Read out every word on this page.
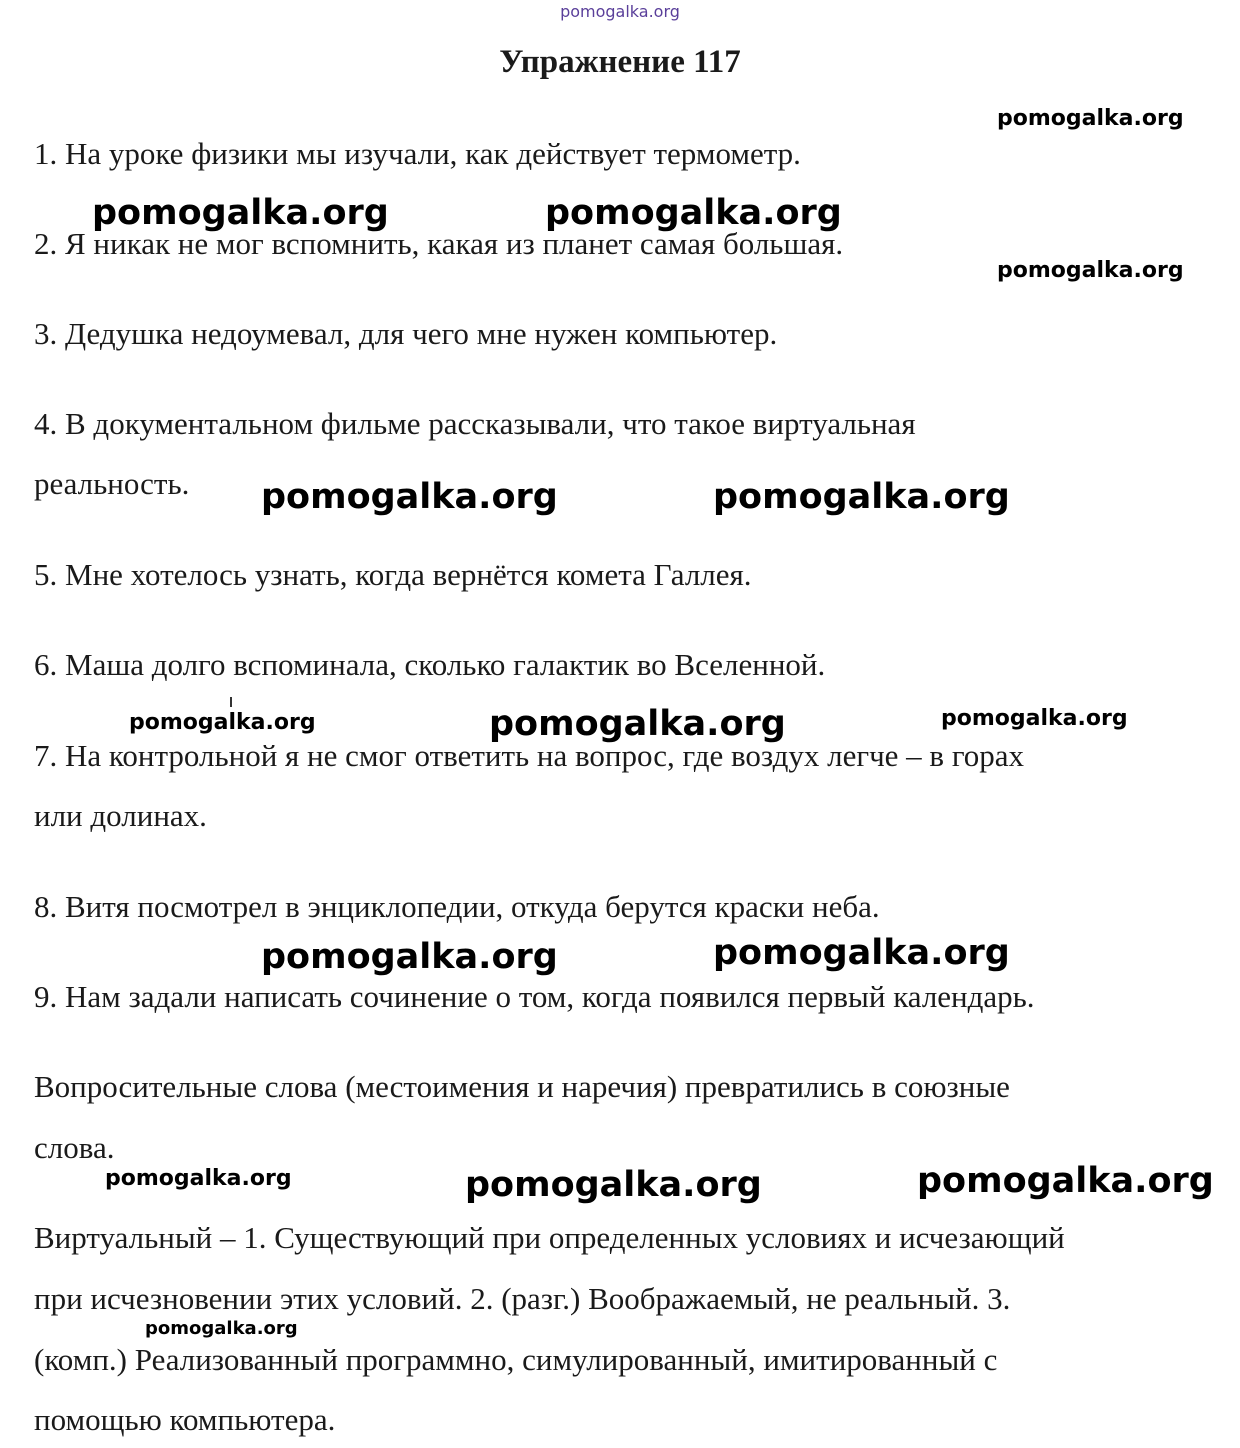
pomogalka.org
Упражнение 117

1. На уроке физики мы изучали, как действует термометр.

2. Я никак не мог вспомнить, какая из планет самая большая.

3. Дедушка недоумевал, для чего мне нужен компьютер.

4. В документальном фильме рассказывали, что такое виртуальная

реальность.

5. Мне хотелось узнать, когда вернётся комета Галлея.

6. Маша долго вспоминала, сколько галактик во Вселенной.

7. На контрольной я не смог ответить на вопрос, где воздух легче – в горах

или долинах.

8. Витя посмотрел в энциклопедии, откуда берутся краски неба.

9. Нам задали написать сочинение о том, когда появился первый календарь.

Вопросительные слова (местоимения и наречия) превратились в союзные

слова.

Виртуальный – 1. Существующий при определенных условиях и исчезающий

при исчезновении этих условий. 2. (разг.) Воображаемый, не реальный. 3.

(комп.) Реализованный программно, симулированный, имитированный с

помощью компьютера.

pomogalka.org
pomogalka.org	pomogalka.org
pomogalka.org
pomogalka.org	pomogalka.org
pomogalka.org	pomogalka.org	pomogalka.org
pomogalka.org	pomogalka.org
pomogalka.org	pomogalka.org	pomogalka.org
pomogalka.org
